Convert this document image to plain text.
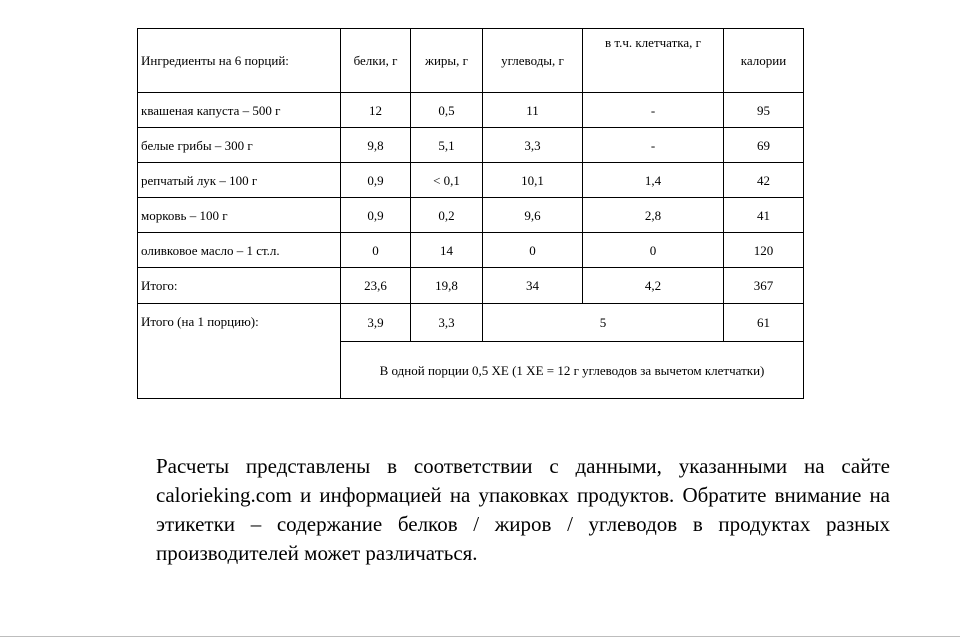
Ингредиенты на 6 порций:	белки, г	жиры, г	углеводы, г	в т.ч. клетчатка, г	калории
квашеная капуста – 500 г	12	0,5	11	-	95
белые грибы – 300 г	9,8	5,1	3,3	-	69
репчатый лук – 100 г	0,9	< 0,1	10,1	1,4	42
морковь – 100 г	0,9	0,2	9,6	2,8	41
оливковое масло – 1 ст.л.	0	14	0	0	120
Итого:	23,6	19,8	34	4,2	367
Итого (на 1 порцию):	3,9	3,3	5		61
	В одной порции 0,5 ХЕ (1 ХЕ = 12 г углеводов за вычетом клетчатки)				

Расчеты представлены в соответствии с данными, указанными на сайте calorieking.com и информацией на упаковках продуктов. Обратите внимание на этикетки – содержание белков / жиров / углеводов в продуктах разных производителей может различаться.
